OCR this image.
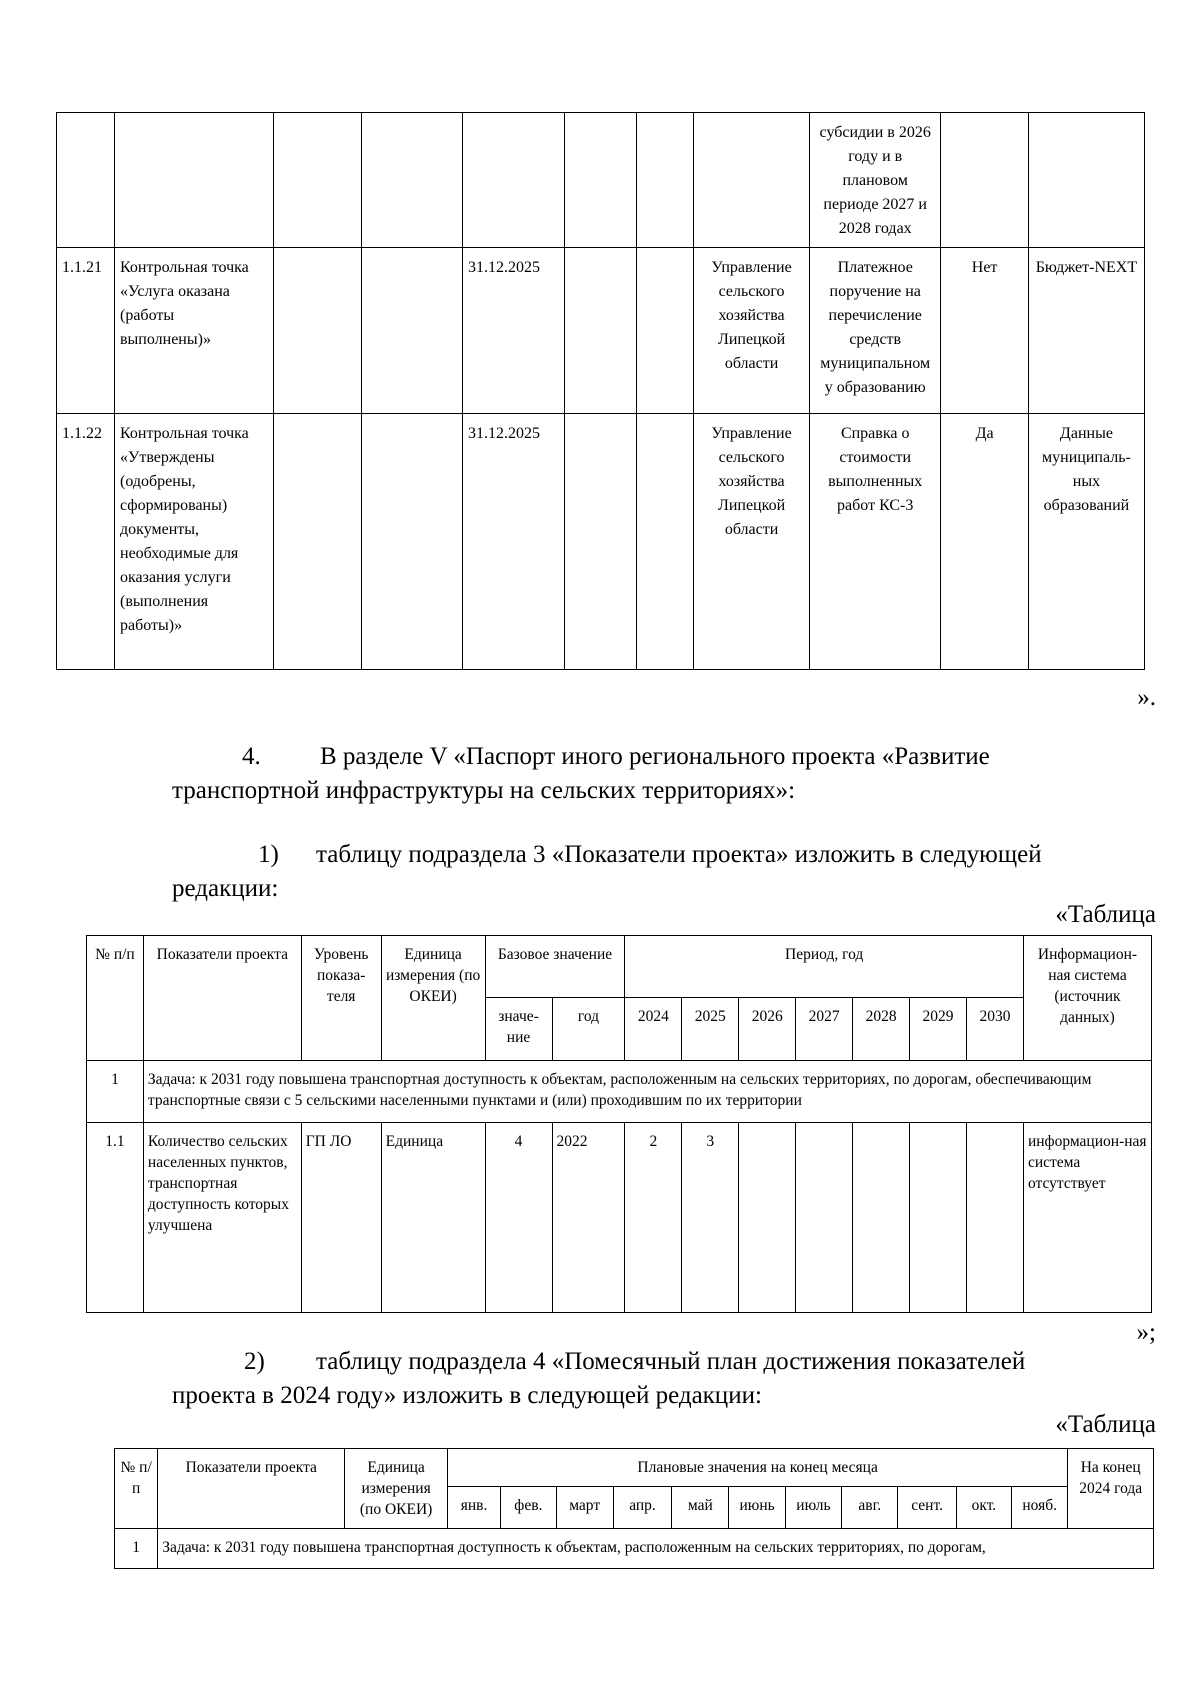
								субсидии в 2026 году и в плановом периоде 2027 и 2028 годах		
1.1.21	Контрольная точка «Услуга оказана (работы выполнены)»			31.12.2025			Управление сельского хозяйства Липецкой области	Платежное поручение на перечисление средств муниципальном у образованию	Нет	Бюджет-NEXT
1.1.22	Контрольная точка «Утверждены (одобрены, сформированы) документы, необходимые для оказания услуги (выполнения работы)»			31.12.2025			Управление сельского хозяйства Липецкой области	Справка о стоимости выполненных работ КС-3	Да	Данные муниципаль-ных образований
».
4. В разделе V «Паспорт иного регионального проекта «Развитие
транспортной инфраструктуры на сельских территориях»:
1) таблицу подраздела 3 «Показатели проекта» изложить в следующей
редакции:
«Таблица
№ п/п	Показатели проекта	Уровень показа-теля	Единица измерения (по ОКЕИ)	Базовое значение		Период, год							Информацион-ная система (источник данных)
				значе-ние	год	2024	2025	2026	2027	2028	2029	2030	
1	Задача: к 2031 году повышена транспортная доступность к объектам, расположенным на сельских территориях, по дорогам, обеспечивающим транспортные связи с 5 сельскими населенными пунктами и (или) проходившим по их территории												
1.1	Количество сельских населенных пунктов, транспортная доступность которых улучшена	ГП ЛО	Единица	4	2022	2	3						информацион-ная система отсутствует
»;
2) таблицу подраздела 4 «Помесячный план достижения показателей
проекта в 2024 году» изложить в следующей редакции:
«Таблица
№ п/п	Показатели проекта	Единица измерения (по ОКЕИ)	Плановые значения на конец месяца											На конец 2024 года
			янв.	фев.	март	апр.	май	июнь	июль	авг.	сент.	окт.	нояб.	
1	Задача: к 2031 году повышена транспортная доступность к объектам, расположенным на сельских территориях, по дорогам,													
